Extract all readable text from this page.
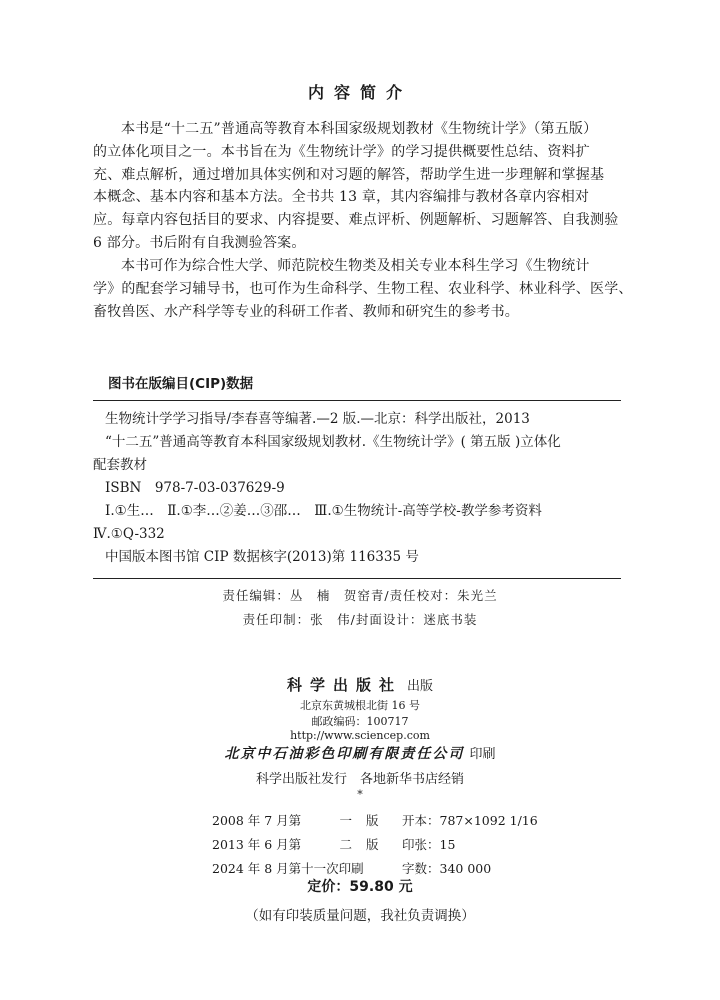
内容简介

本书是“十二五”普通高等教育本科国家级规划教材《生物统计学》（第五版）
的立体化项目之一。本书旨在为《生物统计学》的学习提供概要性总结、资料扩
充、难点解析，通过增加具体实例和对习题的解答，帮助学生进一步理解和掌握基
本概念、基本内容和基本方法。全书共 13 章，其内容编排与教材各章内容相对
应。每章内容包括目的要求、内容提要、难点评析、例题解析、习题解答、自我测验
6 部分。书后附有自我测验答案。

本书可作为综合性大学、师范院校生物类及相关专业本科生学习《生物统计
学》的配套学习辅导书，也可作为生命科学、生物工程、农业科学、林业科学、医学、
畜牧兽医、水产科学等专业的科研工作者、教师和研究生的参考书。

图书在版编目(CIP)数据
生物统计学学习指导/李春喜等编著.—2 版.—北京：科学出版社，2013
“十二五”普通高等教育本科国家级规划教材.《生物统计学》( 第五版 )立体化
配套教材
ISBN　978-7-03-037629-9
Ⅰ.①生…　Ⅱ.①李…②姜…③邵…　Ⅲ.①生物统计-高等学校-教学参考资料
Ⅳ.①Q-332
中国版本图书馆 CIP 数据核字(2013)第 116335 号
责任编辑：丛　楠　贺窑青/责任校对：朱光兰
责任印制：张　伟/封面设计：迷底书装
科学出版社 出版
北京东黄城根北街 16 号
邮政编码：100717
http://www.sciencep.com
北京中石油彩色印刷有限责任公司 印刷
科学出版社发行　各地新华书店经销
*
2008 年 7 月第	一版	开本：787×1092 1/16
2013 年 6 月第	二版	印张：15
2024 年 8 月第十一次印刷		字数：340 000
定价：59.80 元
（如有印装质量问题，我社负责调换）
